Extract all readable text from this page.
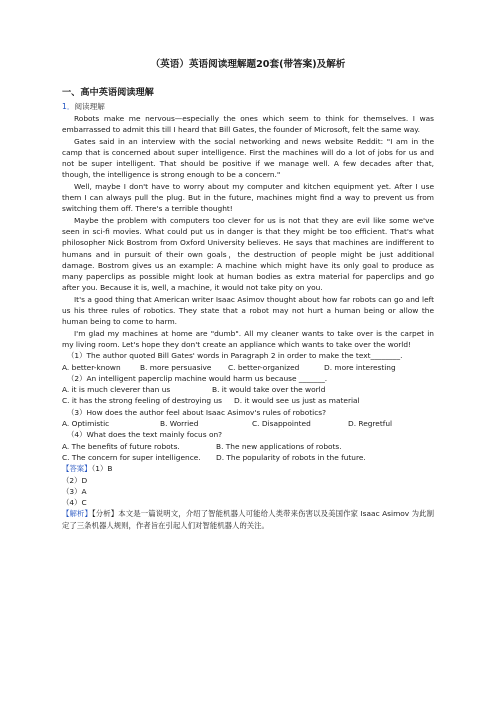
（英语）英语阅读理解题20套(带答案)及解析
一、高中英语阅读理解
1．阅读理解

Robots make me nervous—especially the ones which seem to think for themselves. I was embarrassed to admit this till I heard that Bill Gates, the founder of Microsoft, felt the same way.

Gates said in an interview with the social networking and news website Reddit: "I am in the camp that is concerned about super intelligence. First the machines will do a lot of jobs for us and not be super intelligent. That should be positive if we manage well. A few decades after that, though, the intelligence is strong enough to be a concern."

Well, maybe I don't have to worry about my computer and kitchen equipment yet. After I use them I can always pull the plug. But in the future, machines might find a way to prevent us from switching them off. There's a terrible thought!

Maybe the problem with computers too clever for us is not that they are evil like some we've seen in sci-fi movies. What could put us in danger is that they might be too efficient. That's what philosopher Nick Bostrom from Oxford University believes. He says that machines are indifferent to humans and in pursuit of their own goals，the destruction of people might be just additional damage. Bostrom gives us an example: A machine which might have its only goal to produce as many paperclips as possible might look at human bodies as extra material for paperclips and go after you. Because it is, well, a machine, it would not take pity on you.

It's a good thing that American writer Isaac Asimov thought about how far robots can go and left us his three rules of robotics. They state that a robot may not hurt a human being or allow the human being to come to harm.

I'm glad my machines at home are "dumb". All my cleaner wants to take over is the carpet in my living room. Let's hope they don't create an appliance which wants to take over the world!

（1）The author quoted Bill Gates' words in Paragraph 2 in order to make the text________.

A. better-known	B. more persuasive	C. better-organized	D. more interesting

（2）An intelligent paperclip machine would harm us because _______.

A. it is much cleverer than us	B. it would take over the world
C. it has the strong feeling of destroying us	D. it would see us just as material

（3）How does the author feel about Isaac Asimov's rules of robotics?

A. Optimistic	B. Worried	C. Disappointed	D. Regretful

（4）What does the text mainly focus on?

A. The benefits of future robots.	B. The new applications of robots.
C. The concern for super intelligence.	D. The popularity of robots in the future.

【答案】（1）B

（2）D

（3）A

（4）C

【解析】【分析】本文是一篇说明文，介绍了智能机器人可能给人类带来伤害以及美国作家 Isaac Asimov 为此制定了三条机器人规则，作者旨在引起人们对智能机器人的关注。
